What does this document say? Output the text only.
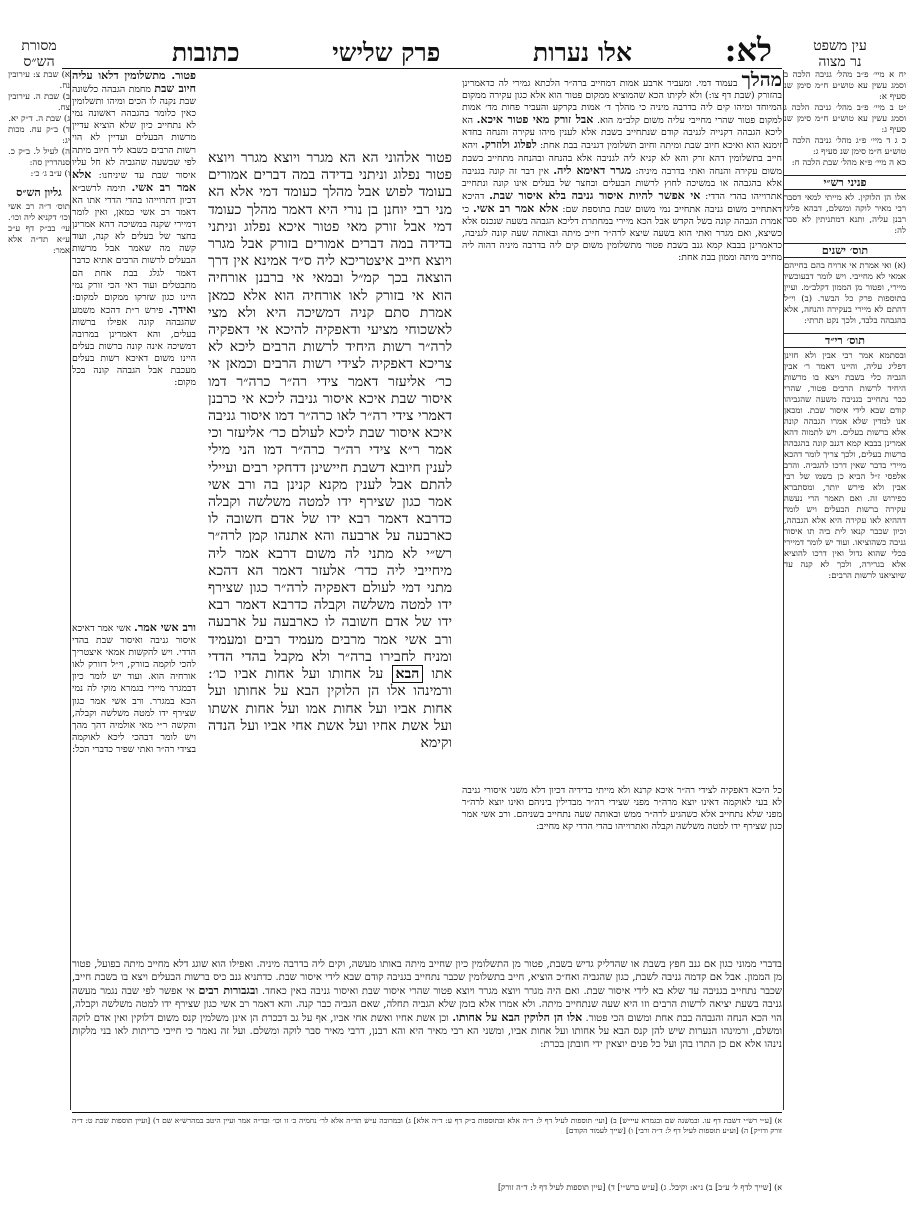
עין משפט
נר מצוה
מסורת
הש״ס	לא:
אלו נערות
פרק שלישי
כתובות

יח א מיי׳ פ״ב מהל׳ גניבה הלכה ב וסמג עשין עא טוש״ע ח״מ סימן שנ סעיף א:

יט ב מיי׳ פ״ב מהל׳ גניבה הלכה ג וסמג עשין עא טוש״ע ח״מ סימן שנ סעיף ג:

כ ג ד מיי׳ פ״ג מהל׳ גניבה הלכה ב טוש״ע ח״מ סימן שנ סעיף ג:

כא ה מיי׳ פ״א מהל׳ שבת הלכה ח:

פניני רש״י

אלו הן הלוקין. לא מייתי למאי דסבר רבי מאיר לוקה ומשלם, דבהא פליגי רבנן עליה, ותנא דמתניתין לא סבר לה:

תוס׳ ישנים

(א) ואי אמרת אי ארויח בהם בחייהם אמאי לא מחייבי. ויש לומר דבעוכשיו מיירי, ופטור מן הממון דקלב״מ. ועיין בתוספות פרק כל הבשר. (ב) וי״ל דהתם לא מיירי בעקירה והנחה, אלא בהגבהה בלבד, ולכך נקט תרתי:

תוס׳ רי״ד

ובסתמא אמר רבי אבין ולא חזינן דפליג עליה, והיינו דאמר ר׳ אבין הגביה כלי בשבת ויצא בו מרשות היחיד לרשות הרבים פטור, שהרי כבר נתחייב בגניבה משעה שהגביהו קודם שבא לידי איסור שבת. ומכאן אנו למדין שלא אמרו הגבהה קונה אלא ברשות בעלים. ויש לתמוה דהא אמרינן בבבא קמא דגנב קונה בהגבהה ברשות בעלים, ולכך צריך לומר דהכא מיירי בדבר שאין דרכו להגביה. והרב אלפסי ז״ל הביא כן בשמו של רבי אבין ולא פירש יותר, ומסתברא כפירוש זה. ואם תאמר הרי נעשה עקירה ברשות הבעלים ויש לומר דההיא לאו עקירה היא אלא הגבהה, וכיון שכבר קנאו לית ביה תו איסור גניבה כשהוציאו. ועוד יש לומר דמיירי בכלי שהוא גדול ואין דרכו להוציא אלא בגרירה, ולכך לא קנה עד שיוציאנו לרשות הרבים:

א) שבת צ: עירובין נח.

ב) שבת ה. עירובין צח.

ג) שבת ה. ד״ק יא.

ד) ב״ק עח. מכות יג:

ה) לעיל ל. ב״ק כ. סנהדרין סה:

ו) ע״ב ג׳ כ׳:

גליון הש״ס

תוס׳ ד״ה רב אשי וכו׳ דקניא ליה וכו׳. עי׳ בב״ק דף ע״ב ע״א תד״ה אלא אמר:

מהלך בעמוד דמי. ומעביר ארבע אמות דמחייב ברה״ר הלכתא גמירי לה כדאמרינן בהזורק (שבת דף צו:) ולא לקיתו הכא שהמוציא ממקום פטור הוא אלא כגון עקירה ממקום המיוחד ומיהו קים ליה בדרבה מיניה כי מהלך ד׳ אמות בקרקע והעביר פחות מד׳ אמות למקום פטור שהרי מחייבי עליה משום קלב״מ הוא. אבל זורק מאי פטור איכא. הא ליכא הגבהה דקנייה לגניבה קודם שנתחייב בשבת אלא לענין מיהו עקירה והנחה בחדא זימנא הוא ואיכא חיוב שבת ומיתה וחיוב תשלומין דגניבה בבת אחת: לפלוג ולוזרק. ויהא חייב בתשלומין דהא זרק והא לא קניא ליה לגניבה אלא בהנחה ובהנחה מתחייב בשבת משום עקירה והנחה ואתי בדרבה מיניה: מגרר דאימא ליה. אין דבר זה קונה בגניבה אלא בהגבהה או במשיכה לחוץ לרשות הבעלים ובחצר של בעלים אינו קונה ונתחייב אתרוייהו בהדי הדדי: אי אפשר להיות איסור גניבה בלא איסור שבת. דהיכא דאתחייב משום גניבה אתחייב נמי משום שבת בתוספת שם: אלא אמר רב אשי. כי אמרת הגבהה קונה בשל הקדש אבל הכא מיירי במחתרת דליכא הגבהה בשעה שנכנס אלא כשיצא, ואם מגרר ואתי הוא בשעה שיצא לרה״ר חייב מיתה ובאותה שעה קונה לגניבה, כדאמרינן בבבא קמא גנב בשבת פטור מתשלומין משום קים ליה בדרבה מיניה דהוה ליה מחייב מיתה וממון בבת אחת:

פטור. מתשלומין דלאו עליה חיוב שבת מחמת הגבהה כלשונה שבת נקנה לו הכים ומיהו ותשלומין כאין כלומר בהגבהה ראשונה נמי לא נתחייב כיון שלא הוציא עדיין מרשות הבעלים ועדיין לא הוי רשות הרבים כשבא ליד חיוב מיתה לפי שבשעה שהגביה לא חל עליו איסור שבת עד שיניחנו: אלא אמר רב אשי. תימה לרשב״א דכיון דתרוייהו בהדי הדדי אתו הא דאמר רב אשי כמאן, ואין לומר דמיירי שקנה במשיכה דהא אמרינן בחצר של בעלים לא קנה, ועוד קשה מה שאמר אבל מרשות הבעלים לרשות הרבים אתיא כדבר דאמר לגלג בבת אחת הם מתבטלים ועוד דאי הכי זורק נמי היינו כגון שזרקו ממקום למקום: ואידך. פירש ר״ת דהכא משמע שהגבהה קונה אפילו ברשות בעלים, והא דאמרינן במרובה דמשיכה אינה קונה ברשות בעלים היינו משום דאיכא רשות בעלים מעכבת אבל הגבהה קונה בכל מקום:

פטור אלהוני הא הא מגרר ויוצא מגרר ויוצא פטור נפלוג וניתני בדידה במה דברים אמורים בעומד לפוש אבל מהלך כעומד דמי אלא הא מני רבי יוחנן בן נורי היא דאמר מהלך כעומד דמי אבל זורק מאי פטור איכא נפלוג וניתני בדידה במה דברים אמורים בזורק אבל מגרר ויוצא חייב איצטריכא ליה ס״ד אמינא אין דרך הוצאה בכך קמ״ל ובמאי אי ברבנן אורחיה הוא אי בזורק לאו אורחיה הוא אלא כמאן אמרת סתם קניה דמשיכה היא ולא מצי לאשכוחי מציעי ודאפקיה להיכא אי דאפקיה לרה״ר רשות היחיד לרשות הרבים ליכא לא צריכא דאפקיה לצידי רשות הרבים וכמאן אי כר׳ אליעזר דאמר צידי רה״ר כרה״ר דמו איסור שבת איכא איסור גניבה ליכא אי כרבנן דאמרי צידי רה״ר לאו כרה״ר דמו איסור גניבה איכא איסור שבת ליכא לעולם כר׳ אליעזר וכי אמר ר״א צידי רה״ר כרה״ר דמו הני מילי לענין חיובא דשבת חיישינן דדחקי רבים ועיילי להתם אבל לענין מקנא קנינן בה ורב אשי אמר כגון שצירף ידו למטה משלשה וקבלה כדרבא דאמר רבא ידו של אדם חשובה לו כארבעה על ארבעה והא אתנהו קמן לרה״ר רש״י לא מתני לה משום דרבא אמר ליה מיחייבי ליה כדר׳ אלעזר דאמר הא דהכא מתני דמי לעולם דאפקיה לרה״ר כגון שצירף ידו למטה משלשה וקבלה כדרבא דאמר רבא ידו של אדם חשובה לו כארבעה על ארבעה ורב אשי אמר מרבים מעמיד רבים ומעמיד ומניח לחבירו ברה״ר ולא מקבל בהדי הדדי אתו הבא על אחותו ועל אחות אביו כו׳: ורמינהו אלו הן הלוקין הבא על אחותו ועל אחות אביו ועל אחות אמו ועל אחות אשתו ועל אשת אחיו ועל אשת אחי אביו ועל הנדה וקימא

ורב אשי אמר. אשי אמר דאיכא איסור גניבה ואיסור שבת בהדי הדדי. ויש להקשות אמאי איצטריך להכי לוקמה בזורק, וי״ל דזורק לאו אורחיה הוא. ועוד יש לומר כיון דבמגרר מיירי בגמרא מוקי לה נמי הכא במגרר. ורב אשי אמר כגון שצירף ידו למטה משלשה וקבלה, והקשה ר״י מאי אולמיה דהך מהך ויש לומר דבהכי ליכא לאוקמה בצידי רה״ר ואתי שפיר כדברי הכל:

כל היכא דאפקיה לצידי רה״ר איכא קרנא ולא מייתי בדידיה דכיון דלא משני איסורי גניבה לא בעי לאוקמה דאינו יוצא מרה״ר מפני שצידי רה״ר מבדילין ביניהם ואינו יוצא לרה״ר מפני שלא נתחייב אלא כשהגיע לרה״ר ממש ובאותה שעה נתחייב בשניהם. ורב אשי אמר כגון שצירף ידו למטה משלשה וקבלה ואתרוייהו בהדי הדדי קא מחייב:

בדברי ממוני כגון אם גנב חפץ בשבת או שהדליק גדיש בשבת, פטור מן התשלומין כיון שחייב מיתה באותו מעשה, וקים ליה בדרבה מיניה. ואפילו הוא שוגג דלא מחייב מיתה בפועל, פטור מן הממון. אבל אם קדמה גניבה לשבת, כגון שהגביה ואח״כ הוציא, חייב בתשלומין שכבר נתחייב בגניבה קודם שבא לידי איסור שבת. כדתניא גנב כיס ברשות הבעלים ויצא בו בשבת חייב, שכבר נתחייב בגניבה עד שלא בא לידי איסור שבת. ואם היה מגרר ויוצא מגרר ויוצא פטור שהרי איסור שבת ואיסור גניבה באין כאחד. ובגבורות רבים אי אפשר לפי שבה נגמר מעשה גניבה בשעת יציאה לרשות הרבים וזו היא שעה שנתחייב מיתה. ולא אמרו אלא בזמן שלא הגביה תחלה, שאם הגביה כבר קנה. והא דאמר רב אשי כגון שצירף ידו למטה משלשה וקבלה, הוי הכא הנחה והגבהה בבת אחת ומשום הכי פטור. אלו הן הלוקין הבא על אחותו. וכן אשת אחיו ואשת אחי אביו, אף על גב דבכרת הן אינן משלמין קנס משום דלוקין ואין אדם לוקה ומשלם, ורמינהו הנערות שיש להן קנס הבא על אחותו ועל אחות אביו, ומשני הא רבי מאיר היא והא רבנן, דרבי מאיר סבר לוקה ומשלם. ועל זה נאמר כי חייבי כריתות לאו בני מלקות נינהו אלא אם כן התרו בהן ועל כל פנים יוצאין ידי חובתן בכרת:

א) [ע״י רש״י דשבת דף עו. ובמשנה שם ובגמרא עיי״ש] ב) [ועי׳ תוספות לעיל דף ל: ד״ה אלא ובתוספות ב״ק דף ע: ד״ה אלא] ג) ובמרובה ע״ש תד״ה אלא לר׳ נחמיה כ׳ זו וכו׳ ובד״ה אמר ועיין היטב במהרש״א שם ד) [ועיין תוספות שבת ט: ד״ה זורק ודו״ק] ה) [וע״ע תוספות לעיל דף ל: ד״ה ורבי] ו) [שייך לעמוד הקודם]

א) [שייך לדף ל׳ ע״ב] ב) נ״א: וקיבל. ג) [ע״ש ברש״י] ד) [עיין תוספות לעיל דף ל: ד״ה זורק]
